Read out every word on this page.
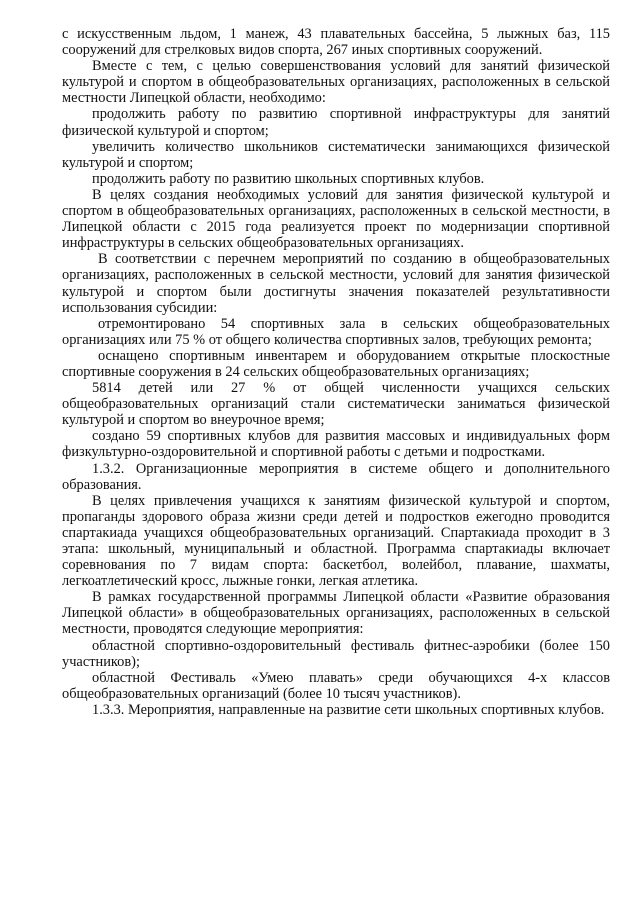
с искусственным льдом, 1 манеж, 43 плавательных бассейна, 5 лыжных баз, 115 сооружений для стрелковых видов спорта, 267 иных спортивных сооружений.

Вместе с тем, с целью совершенствования условий для занятий физической культурой и спортом в общеобразовательных организациях, расположенных в сельской местности Липецкой области, необходимо:

продолжить работу по развитию спортивной инфраструктуры для занятий физической культурой и спортом;

увеличить количество школьников систематически занимающихся физической культурой и спортом;

продолжить работу по развитию школьных спортивных клубов.

В целях создания необходимых условий для занятия физической культурой и спортом в общеобразовательных организациях, расположенных в сельской местности, в Липецкой области с 2015 года реализуется проект по модернизации спортивной инфраструктуры в сельских общеобразовательных организациях.

В соответствии с перечнем мероприятий по созданию в общеобразовательных организациях, расположенных в сельской местности, условий для занятия физической культурой и спортом были достигнуты значения показателей результативности использования субсидии:

отремонтировано 54 спортивных зала в сельских общеобразовательных организациях или 75 % от общего количества спортивных залов, требующих ремонта;

оснащено спортивным инвентарем и оборудованием открытые плоскостные спортивные сооружения в 24 сельских общеобразовательных организациях;

5814 детей или 27 % от общей численности учащихся сельских общеобразовательных организаций стали систематически заниматься физической культурой и спортом во внеурочное время;

создано 59 спортивных клубов для развития массовых и индивидуальных форм физкультурно-оздоровительной и спортивной работы с детьми и подростками.

1.3.2. Организационные мероприятия в системе общего и дополнительного образования.

В целях привлечения учащихся к занятиям физической культурой и спортом, пропаганды здорового образа жизни среди детей и подростков ежегодно проводится спартакиада учащихся общеобразовательных организаций. Спартакиада проходит в 3 этапа: школьный, муниципальный и областной. Программа спартакиады включает соревнования по 7 видам спорта: баскетбол, волейбол, плавание, шахматы, легкоатлетический кросс, лыжные гонки, легкая атлетика.

В рамках государственной программы Липецкой области «Развитие образования Липецкой области» в общеобразовательных организациях, расположенных в сельской местности, проводятся следующие мероприятия:

областной спортивно-оздоровительный фестиваль фитнес-аэробики (более 150 участников);

областной Фестиваль «Умею плавать» среди обучающихся 4-х классов общеобразовательных организаций (более 10 тысяч участников).

1.3.3. Мероприятия, направленные на развитие сети школьных спортивных клубов.
